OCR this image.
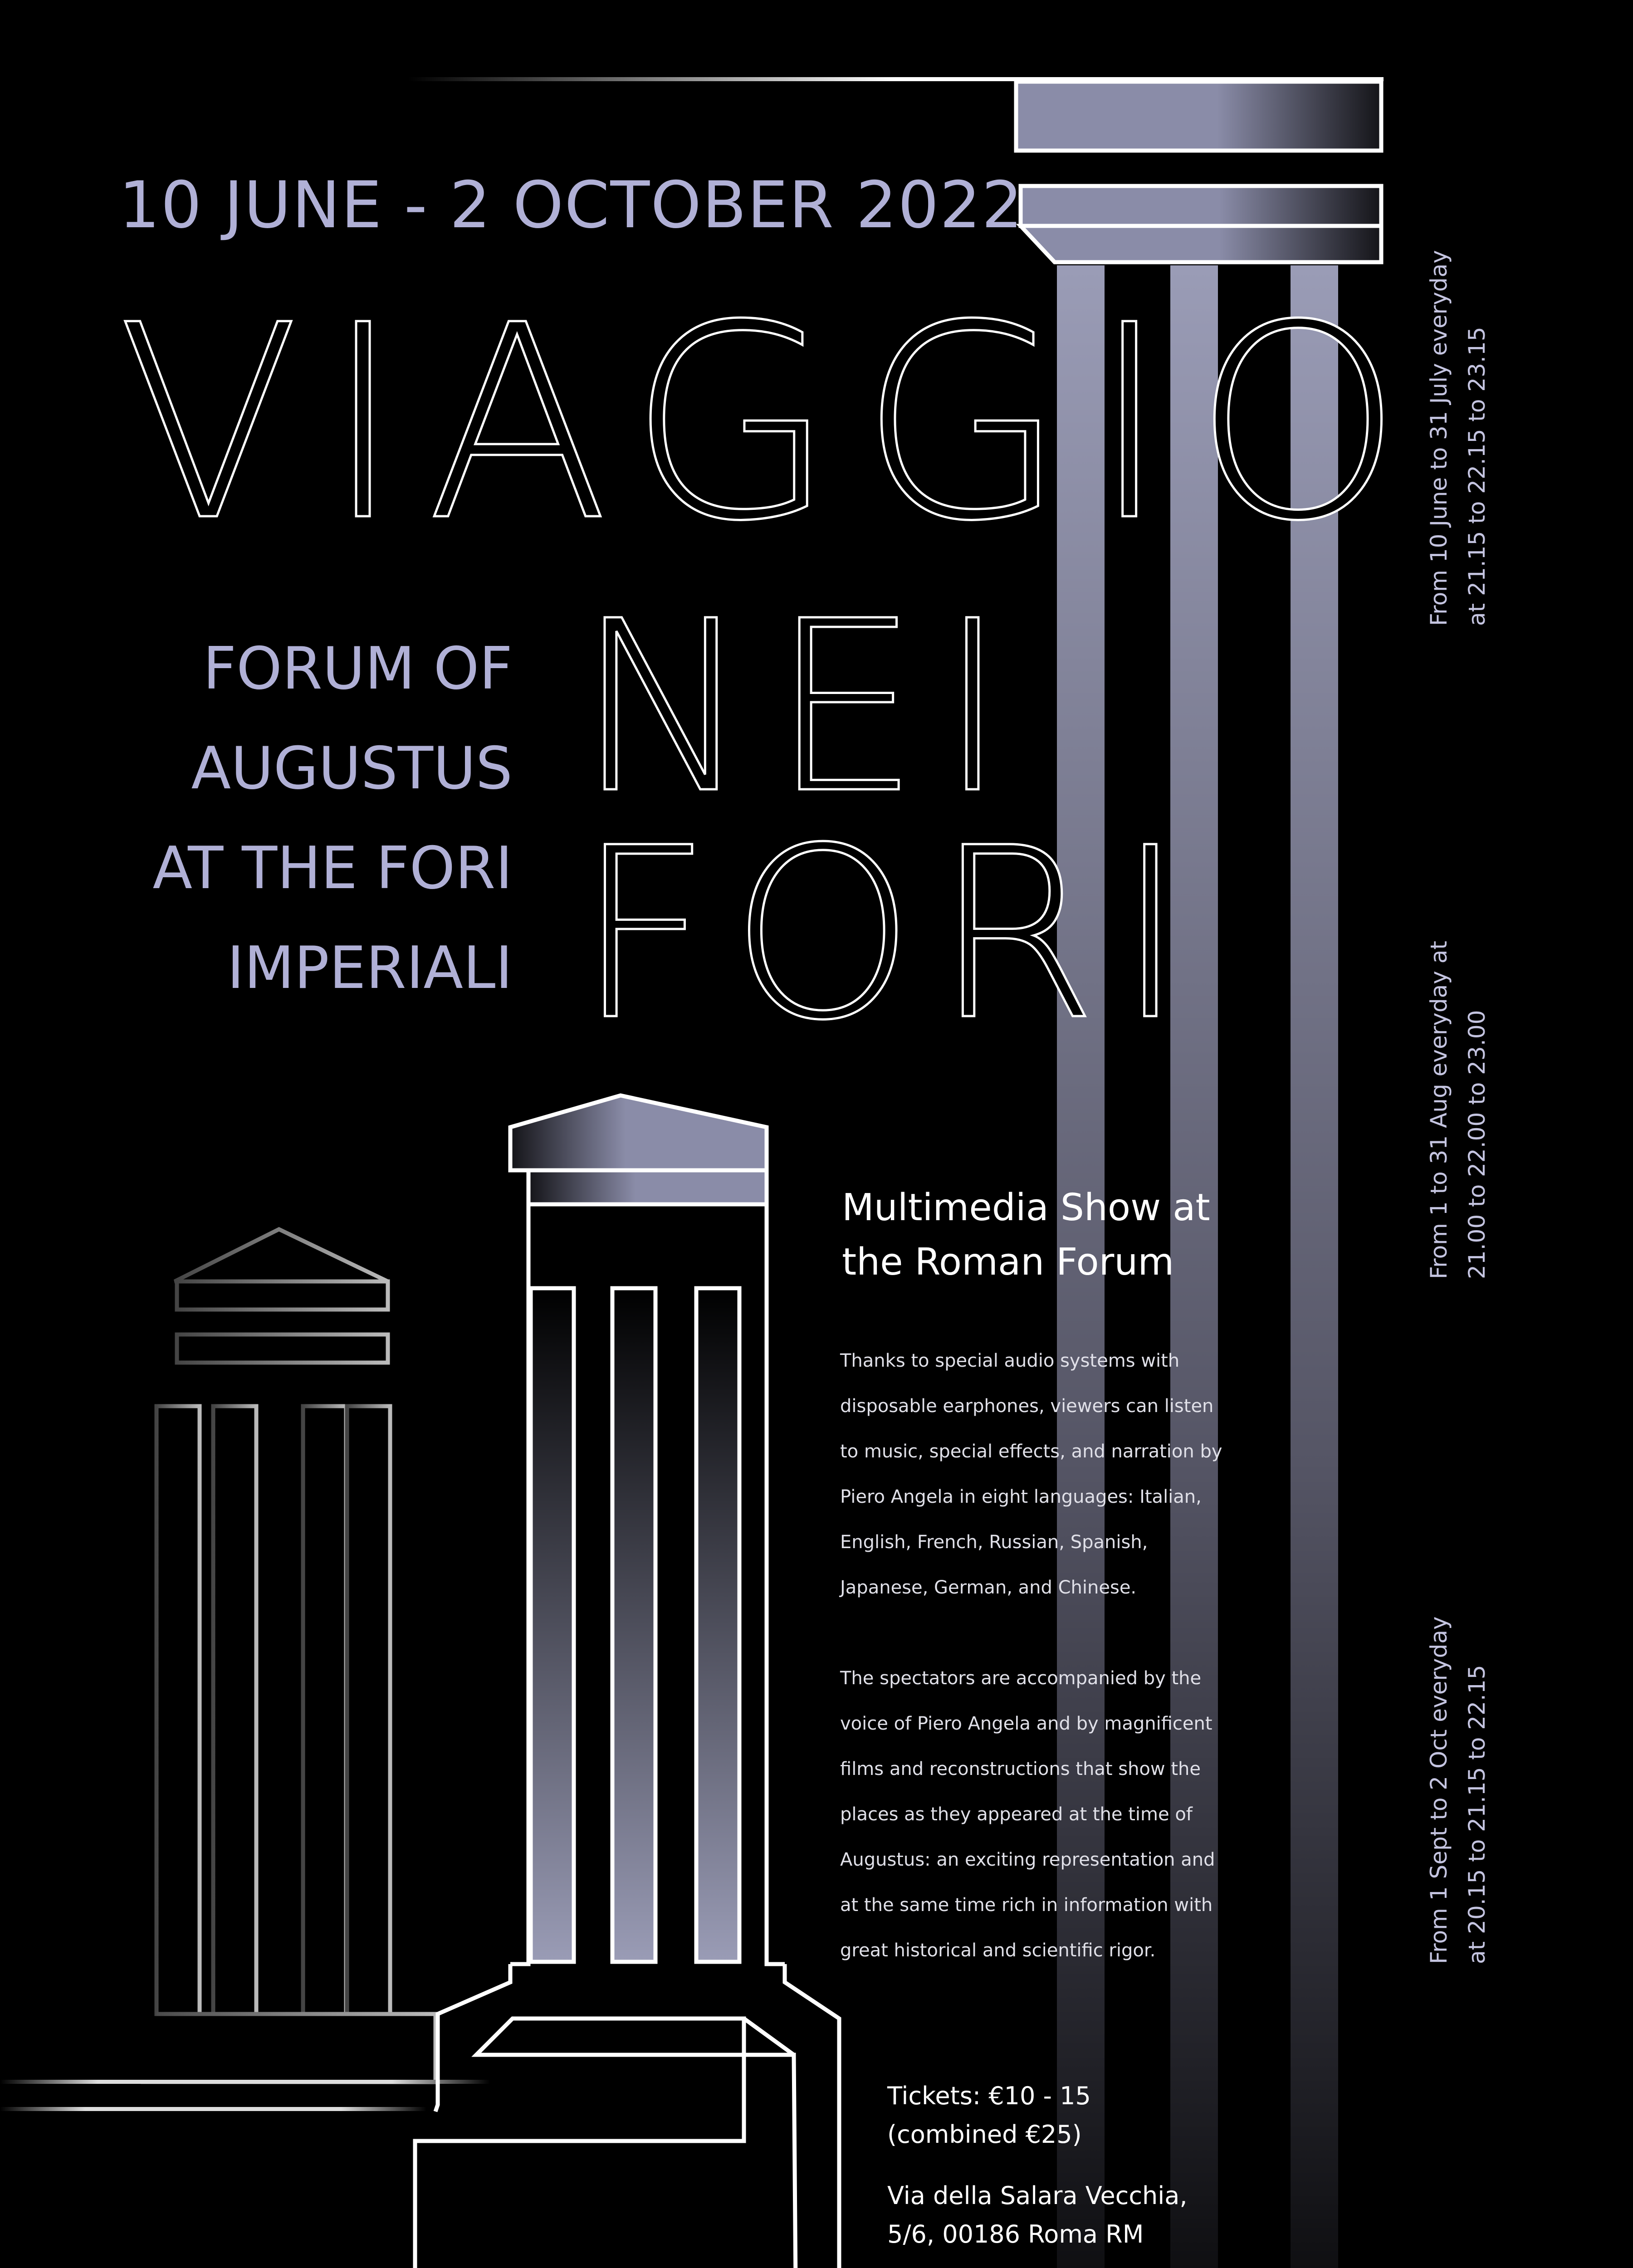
10 JUNE - 2 OCTOBER 2022

VIAGGIO
NEI
FORI
FORUM OF
AUGUSTUS
AT THE FORI
IMPERIALI
Multimedia Show at
the Roman Forum

Thanks to special audio systems with disposable earphones, viewers can listen to music, special effects, and narration by Piero Angela in eight languages: Italian, English, French, Russian, Spanish, Japanese, German, and Chinese.

The spectators are accompanied by the voice of Piero Angela and by magnificent films and reconstructions that show the places as they appeared at the time of Augustus: an exciting representation and at the same time rich in information with great historical and scientific rigor.

Tickets: €10 - 15
(combined €25)
Via della Salara Vecchia,
5/6, 00186 Roma RM
From 10 June to 31 July everyday at 21.15 to 22.15 to 23.15
From 1 to 31 Aug everyday at 21.00 to 22.00 to 23.00
From 1 Sept to 2 Oct everyday at 20.15 to 21.15 to 22.15
